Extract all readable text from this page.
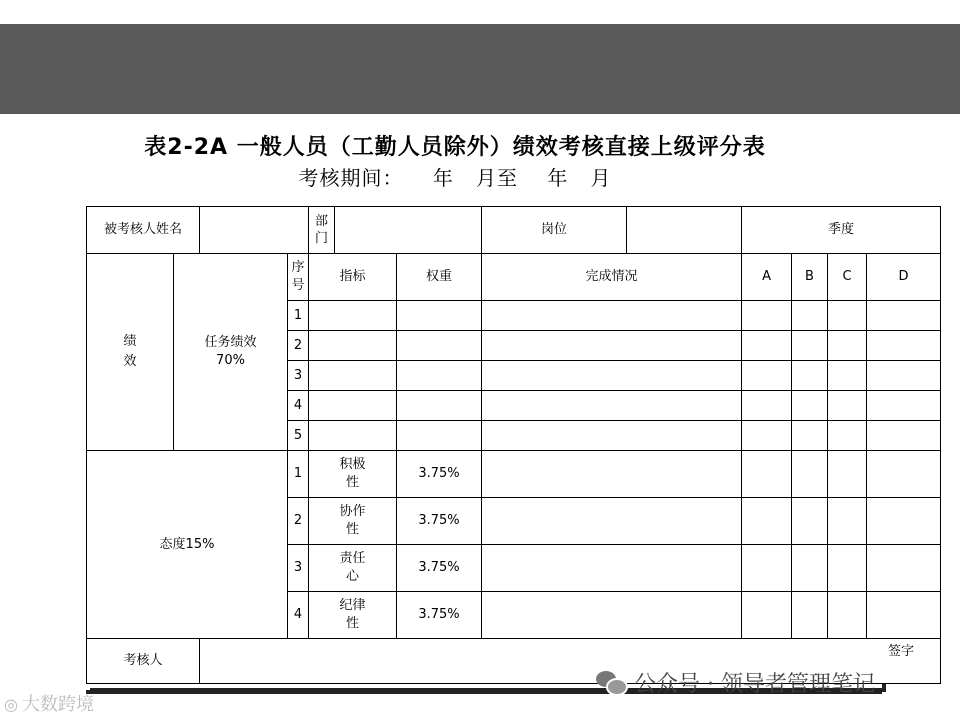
表2-2A 一般人员（工勤人员除外）绩效考核直接上级评分表
考核期间：    年   月至    年   月
被考核人姓名				部门			岗位		季度			
绩效	任务绩效70%		序号	指标		权重	完成情况		A	B	C	D
			1									
			2									
			3									
			4									
			5									
态度15%			1	积极性		3.75%						
			2	协作性		3.75%						
			3	责任心		3.75%						
			4	纪律性		3.75%						
考核人		签字										
◎ 大数跨境
公众号 · 领导者管理笔记
